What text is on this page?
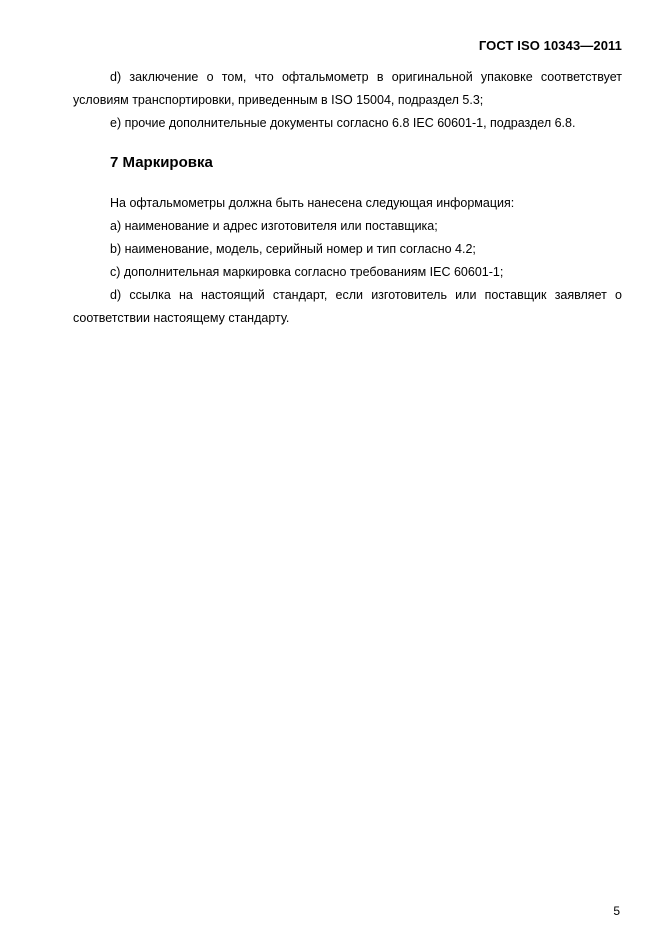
ГОСТ ISO 10343—2011

d) заключение о том, что офтальмометр в оригинальной упаковке соответствует условиям транспортировки, приведенным в ISO 15004, подраздел 5.3;

e) прочие дополнительные документы согласно 6.8 IEC 60601-1, подраздел 6.8.

7 Маркировка

На офтальмометры должна быть нанесена следующая информация:

a) наименование и адрес изготовителя или поставщика;

b) наименование, модель, серийный номер и тип согласно 4.2;

c) дополнительная маркировка согласно требованиям IEC 60601-1;

d) ссылка на настоящий стандарт, если изготовитель или поставщик заявляет о соответствии настоящему стандарту.

5
